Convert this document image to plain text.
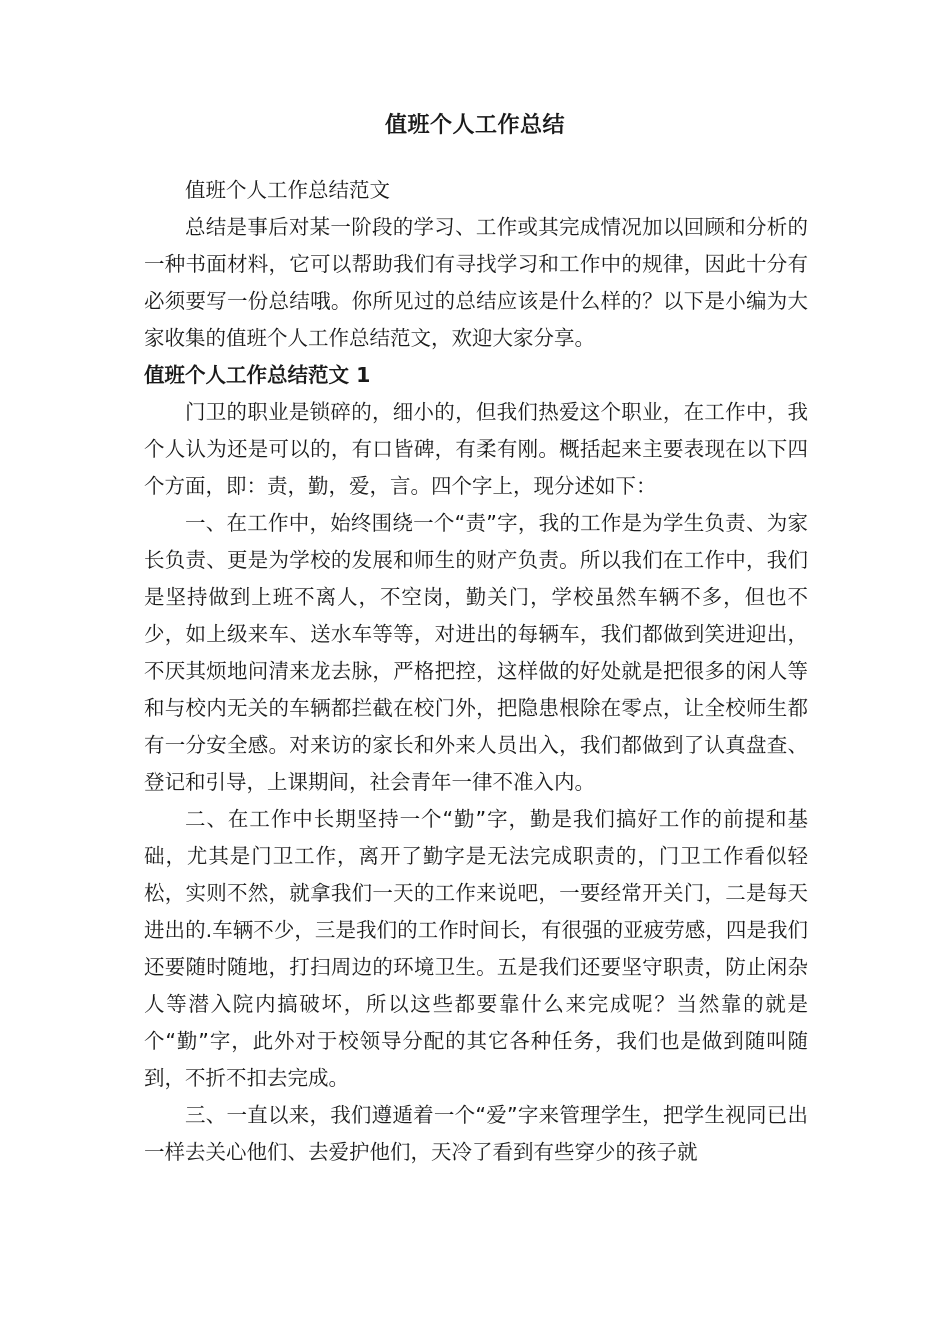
值班个人工作总结

值班个人工作总结范文

总结是事后对某一阶段的学习、工作或其完成情况加以回顾和分析的一种书面材料，它可以帮助我们有寻找学习和工作中的规律，因此十分有必须要写一份总结哦。你所见过的总结应该是什么样的？以下是小编为大家收集的值班个人工作总结范文，欢迎大家分享。

值班个人工作总结范文 1

门卫的职业是锁碎的，细小的，但我们热爱这个职业，在工作中，我个人认为还是可以的，有口皆碑，有柔有刚。概括起来主要表现在以下四个方面，即：责，勤，爱，言。四个字上，现分述如下：

一、在工作中，始终围绕一个“责”字，我的工作是为学生负责、为家长负责、更是为学校的发展和师生的财产负责。所以我们在工作中，我们是坚持做到上班不离人，不空岗，勤关门，学校虽然车辆不多，但也不少，如上级来车、送水车等等，对进出的每辆车，我们都做到笑进迎出，不厌其烦地问清来龙去脉，严格把控，这样做的好处就是把很多的闲人等和与校内无关的车辆都拦截在校门外，把隐患根除在零点，让全校师生都有一分安全感。对来访的家长和外来人员出入，我们都做到了认真盘查、登记和引导，上课期间，社会青年一律不准入内。

二、在工作中长期坚持一个“勤”字，勤是我们搞好工作的前提和基础，尤其是门卫工作，离开了勤字是无法完成职责的，门卫工作看似轻松，实则不然，就拿我们一天的工作来说吧，一要经常开关门，二是每天进出的.车辆不少，三是我们的工作时间长，有很强的亚疲劳感，四是我们还要随时随地，打扫周边的环境卫生。五是我们还要坚守职责，防止闲杂人等潜入院内搞破坏，所以这些都要靠什么来完成呢？当然靠的就是个“勤”字，此外对于校领导分配的其它各种任务，我们也是做到随叫随到，不折不扣去完成。

三、一直以来，我们遵遁着一个“爱”字来管理学生，把学生视同已出一样去关心他们、去爱护他们，天冷了看到有些穿少的孩子就
